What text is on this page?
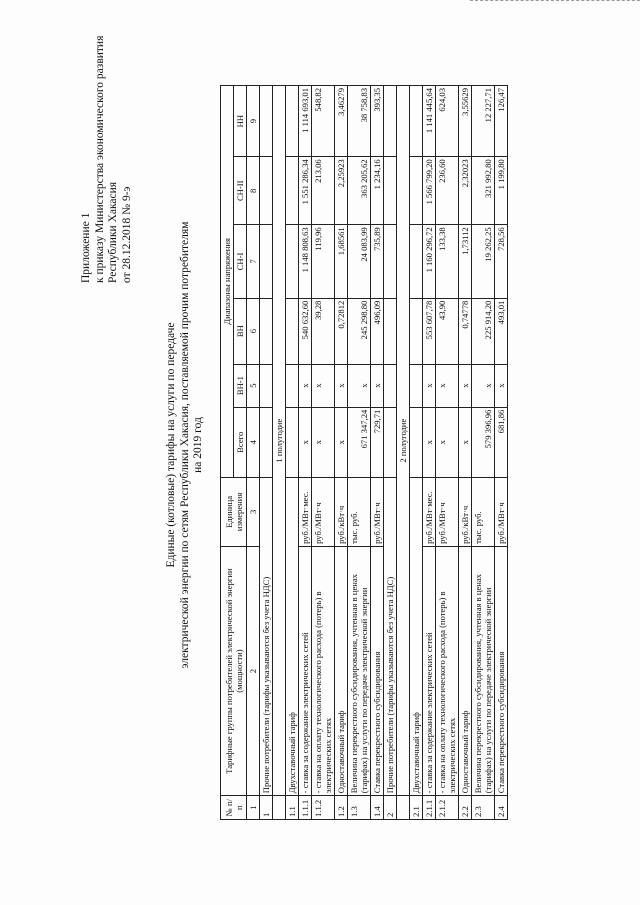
Приложение 1 к приказу Министерства экономического развития Республики Хакасия от 28.12.2018 № 9-э
Единые (котловые) тарифы на услуги по передаче электрической энергии по сетям Республики Хакасия, поставляемой прочим потребителям на 2019 год
№ п/п	Тарифные группы потребителей электрической энергии (мощности)	Единица измерения	Диапазоны напряжения					
			Всего	ВН-1	ВН	СН-I	СН-II	НН
1	2	3	4	5	6	7	8	9
1	Прочие потребители (тарифы указываются без учета НДС)							
	1 полугодие							
1.1	Двухставочный тариф							
1.1.1	- ставка за содержание электрических сетей	руб./МВт·мес.	x	x	540 632,60	1 148 808,63	1 551 286,34	1 114 693,01
1.1.2	- ставка на оплату технологического расхода (потерь) в электрических сетях	руб./МВт·ч	x	x	39,28	119,96	213,06	548,82
1.2	Одноставочный тариф	руб./кВт·ч	x	x	0,72812	1,68561	2,25923	3,46279
1.3	Величина перекрестного субсидирования, учтенная в ценах (тарифах) на услуги по передаче электрической энергии	тыс. руб.	671 347,24	x	245 298,80	24 083,99	363 205,62	38 758,83
1.4	Ставка перекрестного субсидирования	руб./МВт·ч	729,71	x	496,09	735,89	1 234,16	393,35
2	Прочие потребители (тарифы указываются без учета НДС)							
	2 полугодие							
2.1	Двухставочный тариф							
2.1.1	- ставка за содержание электрических сетей	руб./МВт·мес.	x	x	553 607,78	1 160 296,72	1 566 799,20	1 141 445,64
2.1.2	- ставка на оплату технологического расхода (потерь) в электрических сетях	руб./МВт·ч	x	x	43,90	133,38	236,60	624,03
2.2	Одноставочный тариф	руб./кВт·ч	x	x	0,74778	1,73112	2,32023	3,55629
2.3	Величина перекрестного субсидирования, учтенная в ценах (тарифах) на услуги по передаче электрической энергии	тыс. руб.	579 396,96	x	225 914,20	19 262,25	321 992,80	12 227,71
2.4	Ставка перекрестного субсидирования	руб./МВт·ч	681,86	x	493,01	728,56	1 199,80	126,47
